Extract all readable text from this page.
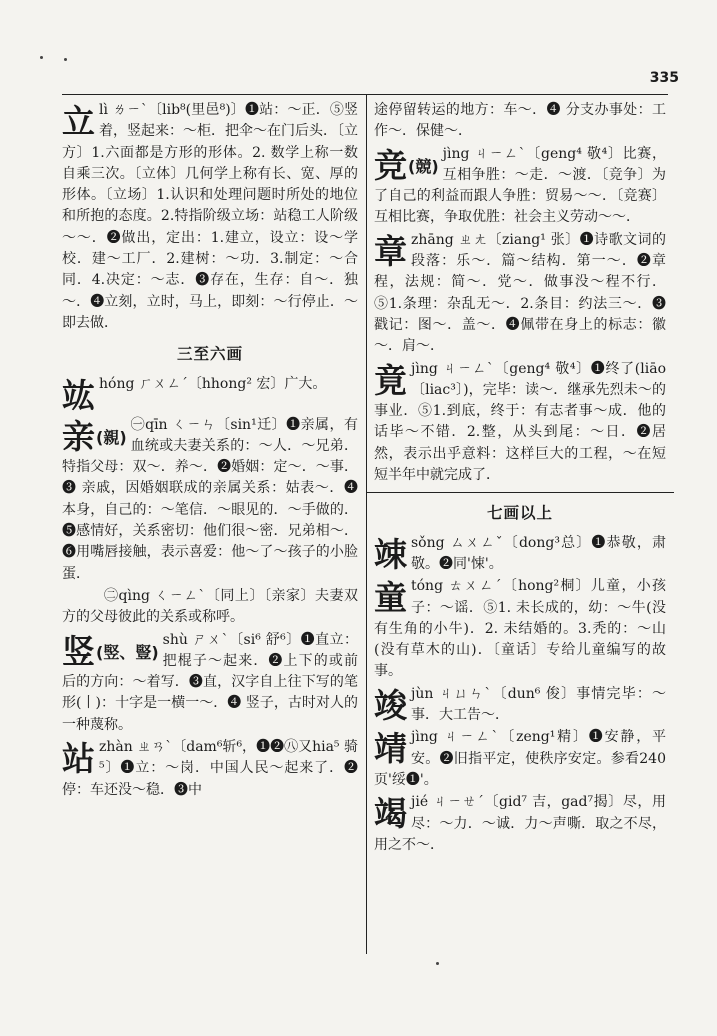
335
立 lì ㄌㄧˋ〔lib⁸(里邑⁸)〕❶站：～正．⑤竖着，竖起来：～柜．把伞～在门后头．〔立方〕1.六面都是方形的形体。2. 数学上称一数自乘三次。〔立体〕几何学上称有长、宽、厚的形体。〔立场〕1.认识和处理问题时所处的地位和所抱的态度。2.特指阶级立场：站稳工人阶级～～．❷做出，定出：1.建立，设立：设～学校．建～工厂．2.建树：～功．3.制定：～合同．4.决定：～志．❸存在，生存：自～．独～．❹立刻，立时，马上，即刻：～行停止．～即去做．
三至六画
竑 hóng ㄏㄨㄥˊ〔hhong² 宏〕广大。
亲(親)
㊀qīn ㄑㄧㄣ〔sin¹迁〕❶亲属，有血统或夫妻关系的：～人．～兄弟．特指父母：双～．养～．❷婚姻：定～．～事．❸ 亲戚，因婚姻联成的亲属关系：姑表～．❹本身，自己的：～笔信．～眼见的．～手做的．❺感情好，关系密切：他们很～密．兄弟相～．❻用嘴唇接触，表示喜爱：他～了～孩子的小脸蛋．
㊁qìng ㄑㄧㄥˋ〔同上〕〔亲家〕夫妻双方的父母彼此的关系或称呼。
竖(竪、豎)
shù ㄕㄨˋ〔si⁶ 舒⁶〕❶直立：把棍子～起来．❷上下的或前后的方向：～着写．❸直，汉字自上往下写的笔形(丨)：十字是一横一～．❹ 竖子，古时对人的一种蔑称。
站 zhàn ㄓㄢˋ〔dam⁶斩⁶，❶❷㊇又hia⁵ 骑⁵〕❶立：～岗．中国人民～起来了．❷停：车还没～稳．❸中
途停留转运的地方：车～．❹ 分支办事处：工作～．保健～．
竞(競)
jìng ㄐㄧㄥˋ〔geng⁴ 敬⁴〕比赛，互相争胜：～走．～渡．〔竞争〕为了自己的利益而跟人争胜：贸易～～．〔竞赛〕互相比赛，争取优胜：社会主义劳动～～．
章 zhāng ㄓㄤ〔ziang¹ 张〕❶诗歌文词的段落：乐～．篇～结构．第一～．❷章程，法规：简～．党～．做事没～程不行．⑤1.条理：杂乱无～．2.条目：约法三～．❸戳记：图～．盖～．❹佩带在身上的标志：徽～．肩～．
竟 jìng ㄐㄧㄥˋ〔geng⁴ 敬⁴〕❶终了(liāo〔liac³〕)，完毕：读～．继承先烈未～的事业．⑤1.到底，终于：有志者事～成．他的话毕～不错．2.整，从头到尾：～日．❷居然，表示出乎意料：这样巨大的工程，～在短短半年中就完成了．
七画以上
竦 sǒng ㄙㄨㄥˇ〔dong³总〕❶恭敬，肃敬。❷同'悚'。
童 tóng ㄊㄨㄥˊ〔hong²桐〕儿童，小孩子：～谣．⑤1. 未长成的，幼：～牛(没有生角的小牛)．2. 未结婚的。3.秃的：～山(没有草木的山)．〔童话〕专给儿童编写的故事。
竣 jùn ㄐㄩㄣˋ〔dun⁶ 俊〕事情完毕：～事．大工告～．
靖 jìng ㄐㄧㄥˋ〔zeng¹精〕❶安静，平安。❷旧指平定，使秩序安定。参看240页'绥❶'。
竭 jié ㄐㄧㄝˊ〔gid⁷ 吉，gad⁷揭〕尽，用尽：～力．～诚．力～声嘶．取之不尽，用之不～．
